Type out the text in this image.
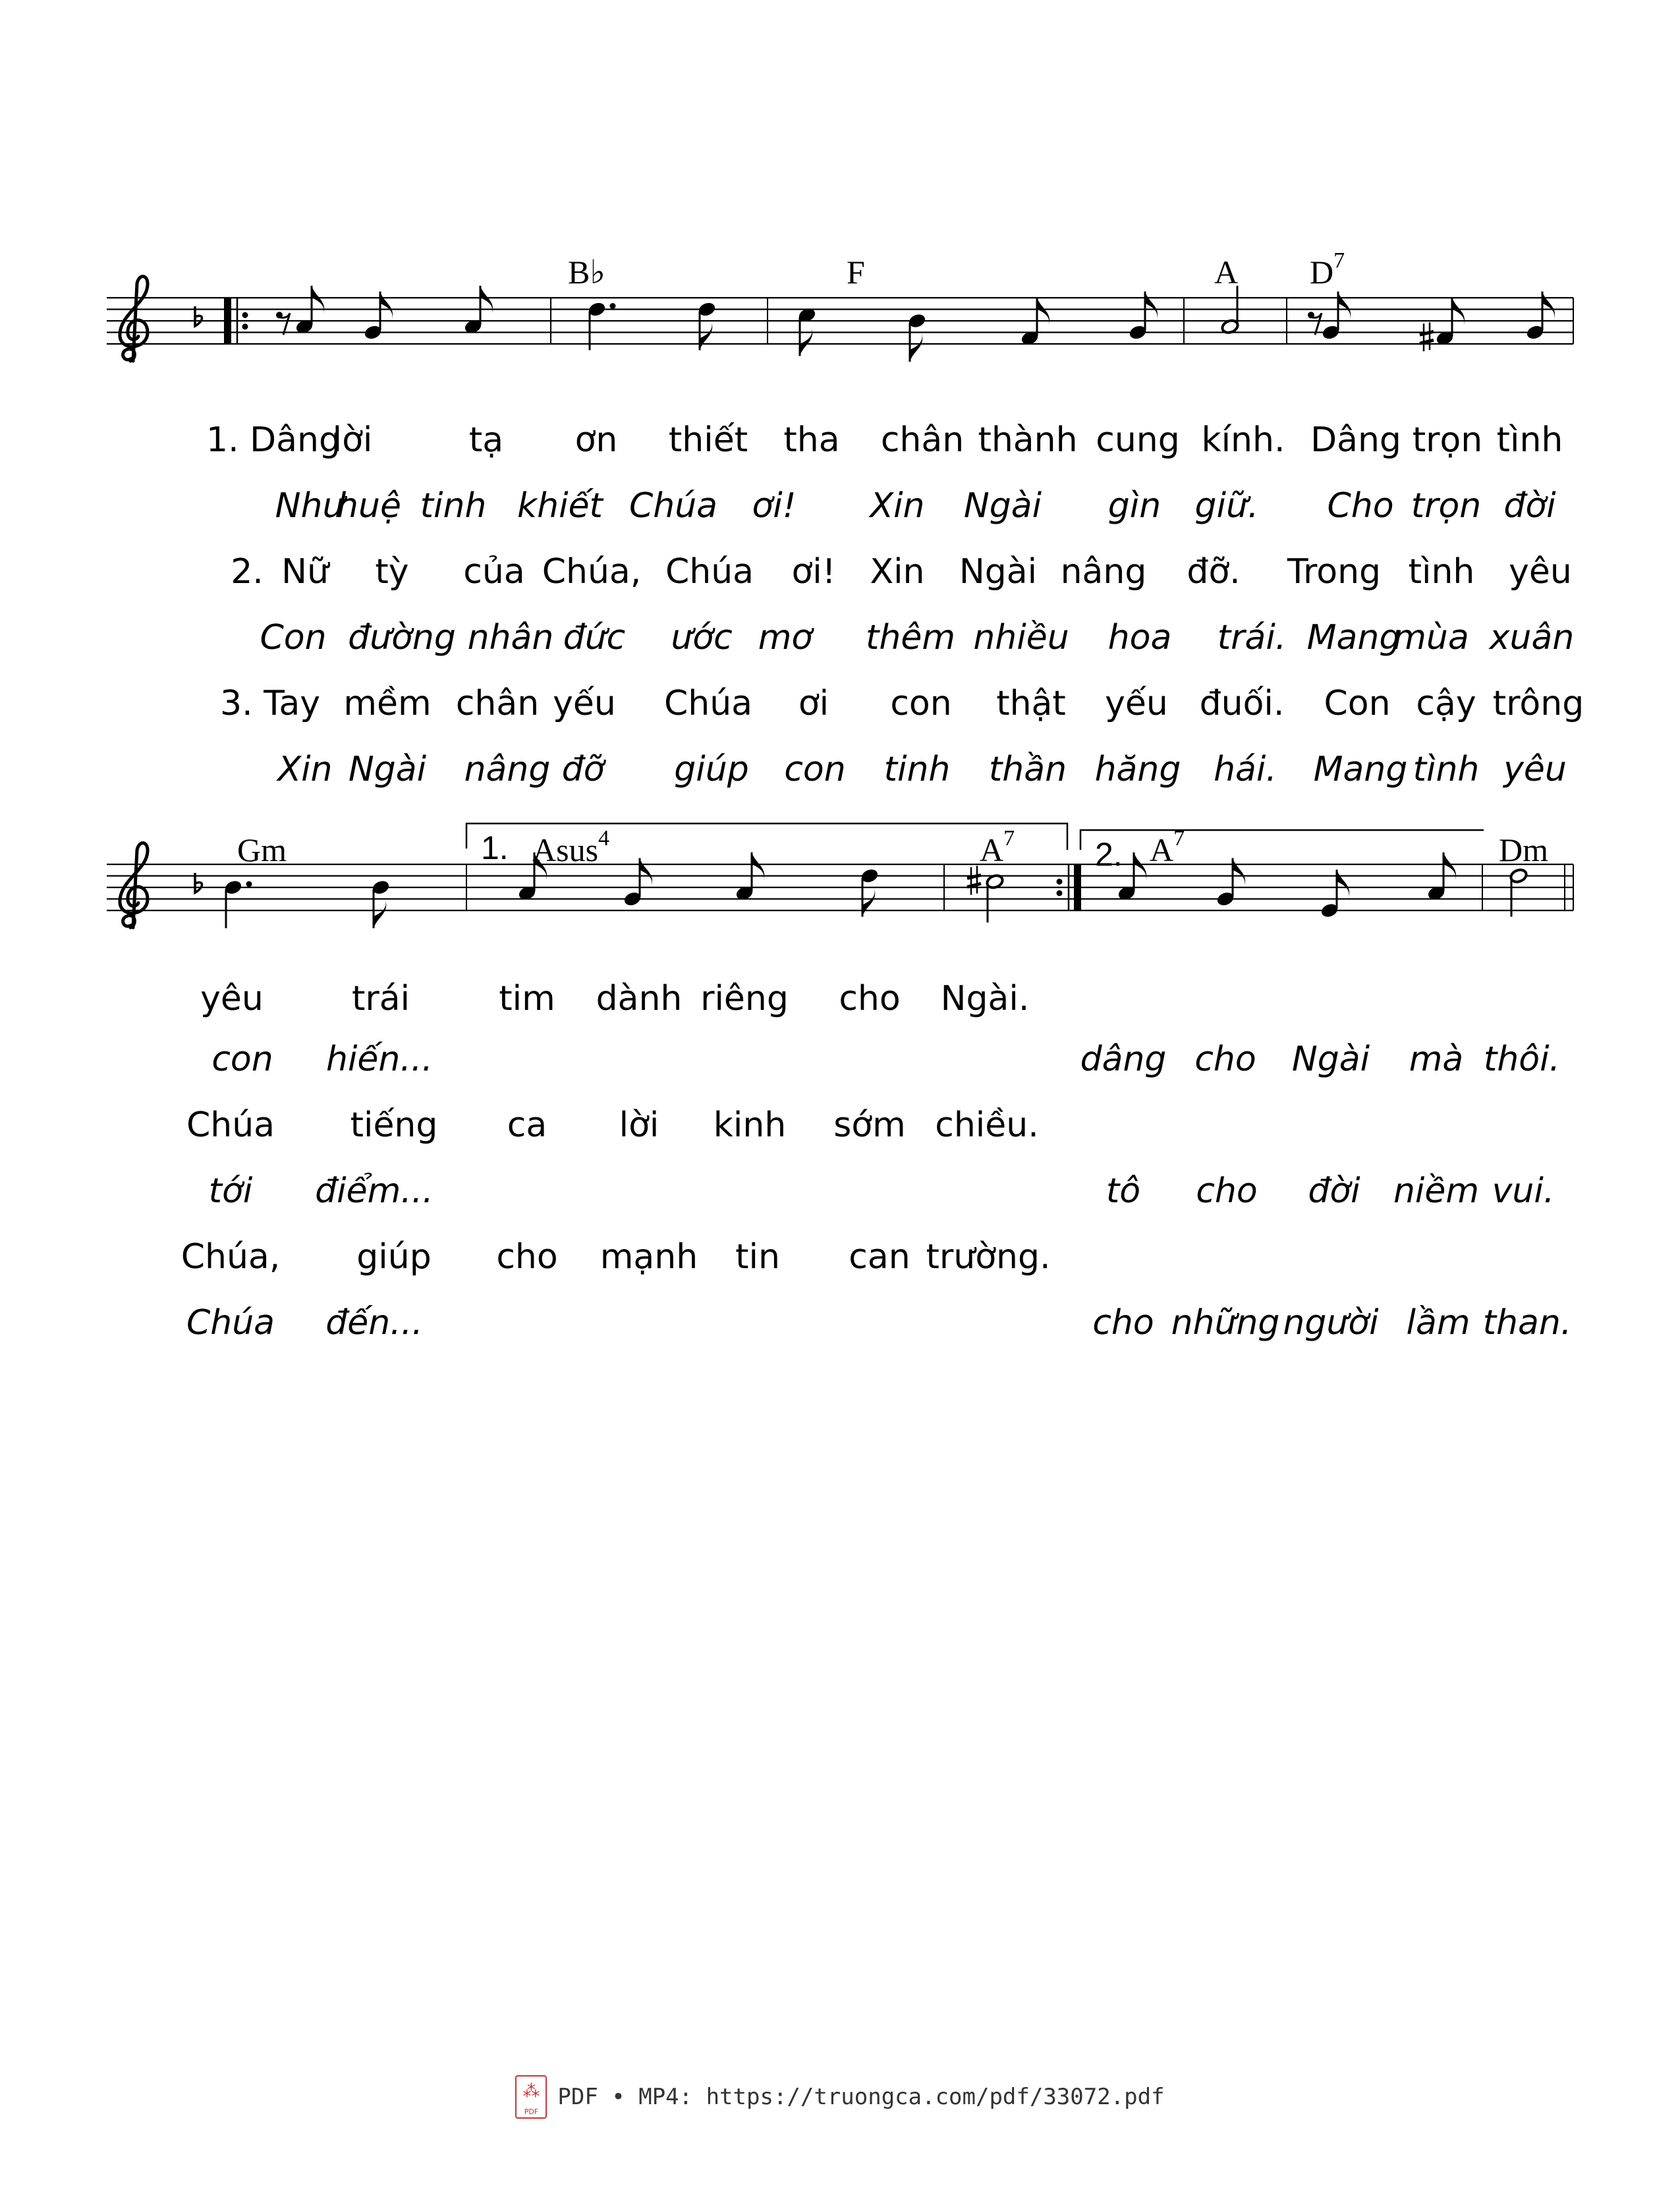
B♭	F	A $D^7$
Gm	Asus$^4$	$A^7$	$A^7$	Dm
1.	2.
1. Dâng
lời	tạ ơn thiết tha chân thành cung kính. Dâng trọn tình
Như
huệ tinh khiết Chúa ơi! Xin Ngài gìn giữ. Cho trọn đời
2. Nữ tỳ của Chúa, Chúa ơi! Xin Ngài nâng đỡ. Trong tình yêu
Con đường nhân đức ước mơ thêm nhiều hoa trái. Mang
mùa xuân
3. Tay mềm chân yếu Chúa ơi con thật yếu đuối. Con cậy trông
Xin Ngài nâng đỡ giúp con tinh thần hăng hái. Mang tình yêu
yêu	trái	tim dành riêng cho Ngài.
con hiến...	dâng cho Ngài mà thôi.
Chúa tiếng ca lời kinh sớm chiều.
tới điểm...	tô cho đời niềm vui.
Chúa, giúp cho mạnh tin can trường.
Chúa đến...	cho những người lầm than.
⁂
PDF
PDF • MP4: https://truongca.com/pdf/33072.pdf
